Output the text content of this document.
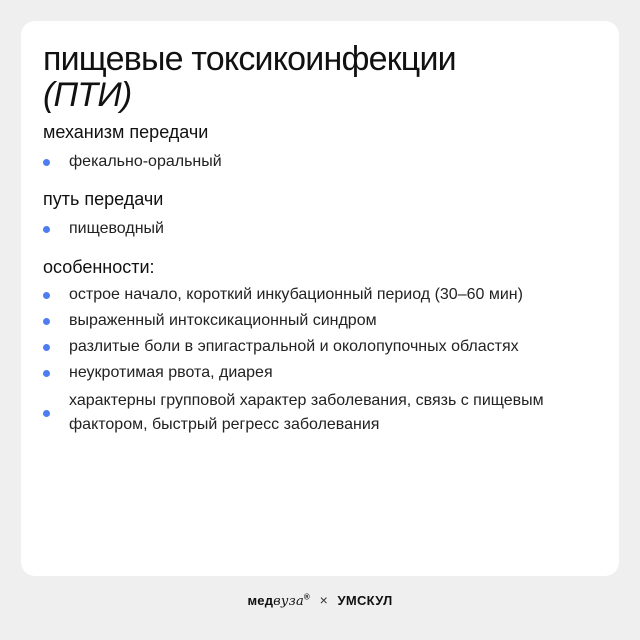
пищевые токсикоинфекции
(ПТИ)
механизм передачи
фекально-оральный
путь передачи
пищеводный
особенности:
острое начало, короткий инкубационный период (30–60 мин)
выраженный интоксикационный синдром
разлитые боли в эпигастральной и околопупочных областях
неукротимая рвота, диарея
характерны групповой характер заболевания, связь с пищевым фактором, быстрый регресс заболевания
медвуза® × УМСКУЛ
